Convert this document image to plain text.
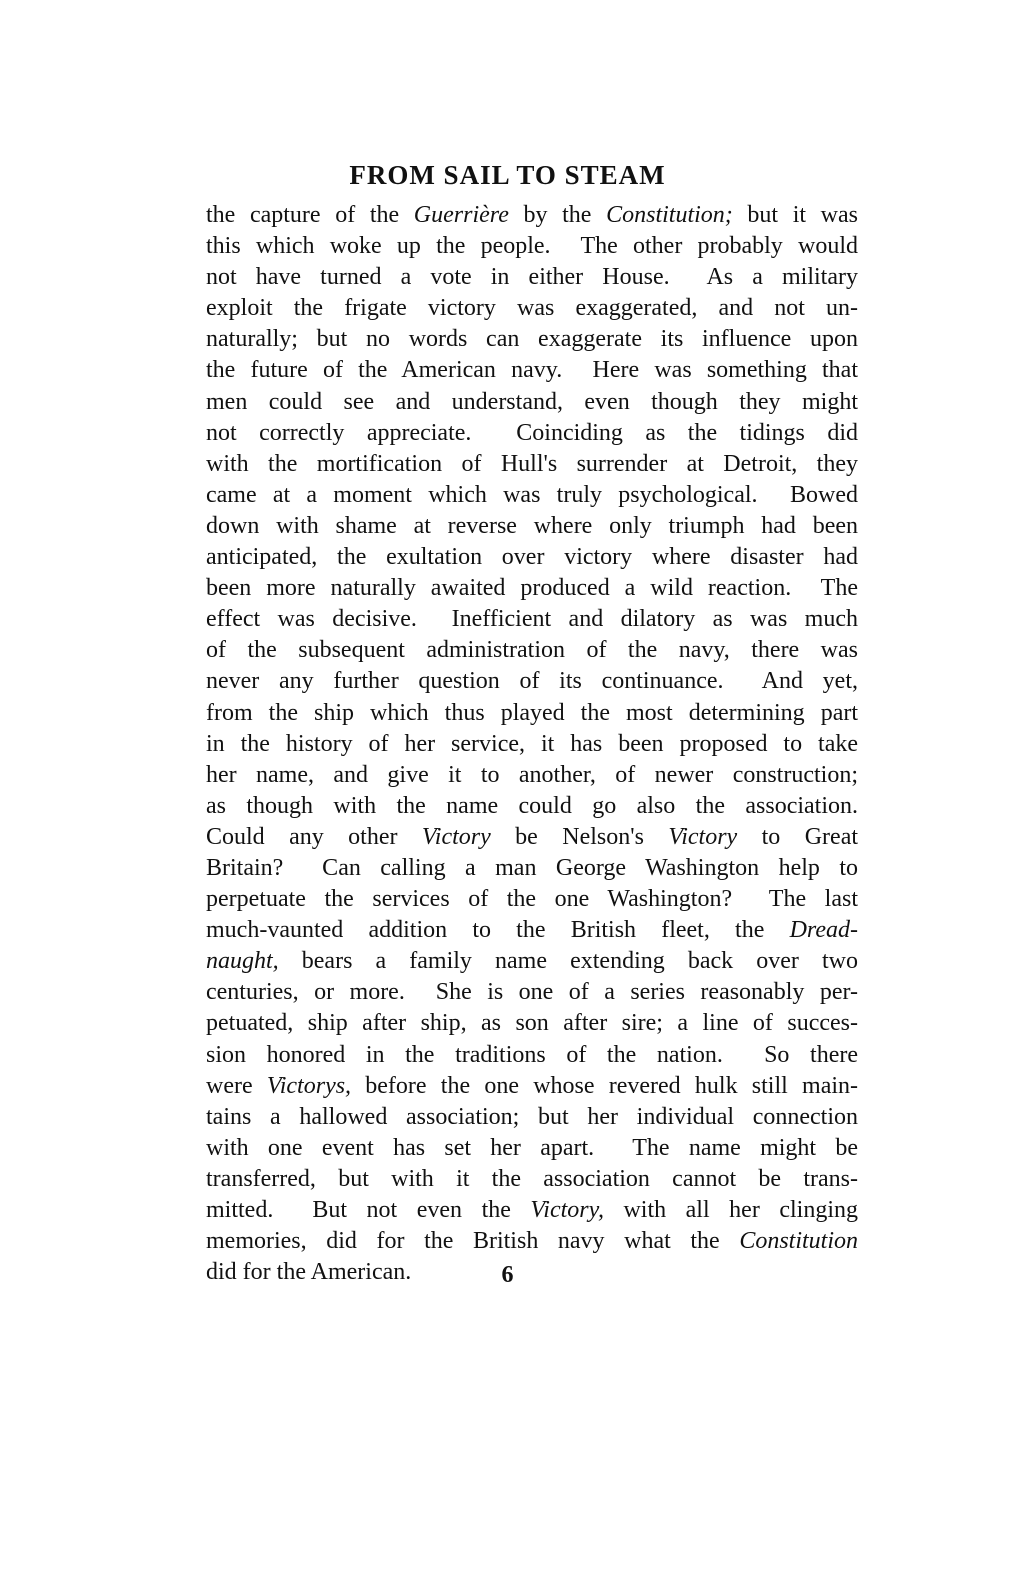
FROM SAIL TO STEAM
the capture of the Guerrière by the Constitution; but it was
this which woke up the people.  The other probably would
not have turned a vote in either House.  As a military
exploit the frigate victory was exaggerated, and not un-
naturally; but no words can exaggerate its influence upon
the future of the American navy.  Here was something that
men could see and understand, even though they might
not correctly appreciate.  Coinciding as the tidings did
with the mortification of Hull's surrender at Detroit, they
came at a moment which was truly psychological.  Bowed
down with shame at reverse where only triumph had been
anticipated, the exultation over victory where disaster had
been more naturally awaited produced a wild reaction.  The
effect was decisive.  Inefficient and dilatory as was much
of the subsequent administration of the navy, there was
never any further question of its continuance.  And yet,
from the ship which thus played the most determining part
in the history of her service, it has been proposed to take
her name, and give it to another, of newer construction;
as though with the name could go also the association.
Could any other Victory be Nelson's Victory to Great
Britain?  Can calling a man George Washington help to
perpetuate the services of the one Washington?  The last
much-vaunted addition to the British fleet, the Dread-
naught, bears a family name extending back over two
centuries, or more.  She is one of a series reasonably per-
petuated, ship after ship, as son after sire; a line of succes-
sion honored in the traditions of the nation.  So there
were Victorys, before the one whose revered hulk still main-
tains a hallowed association; but her individual connection
with one event has set her apart.  The name might be
transferred, but with it the association cannot be trans-
mitted.  But not even the Victory, with all her clinging
memories, did for the British navy what the Constitution
did for the American.	6
